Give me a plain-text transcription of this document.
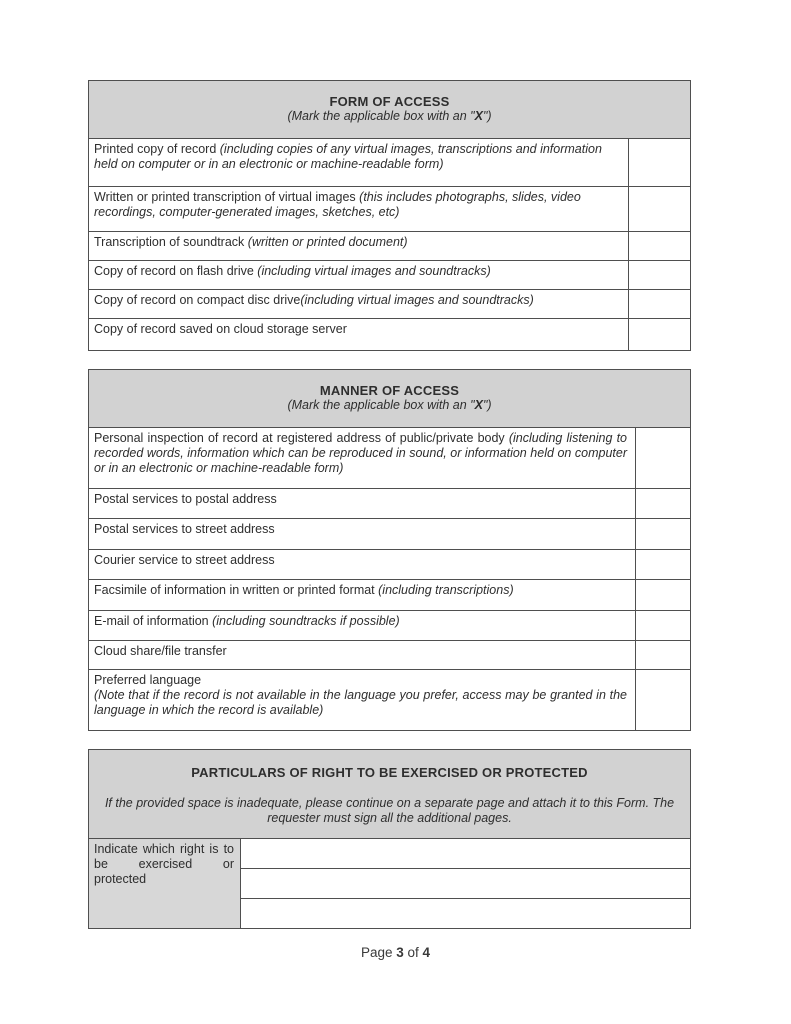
FORM OF ACCESS
(Mark the applicable box with an "X")	

Printed copy of record (including copies of any virtual images, transcriptions and information held on computer or in an electronic or machine-readable form)	
Written or printed transcription of virtual images (this includes photographs, slides, video recordings, computer-generated images, sketches, etc)	
Transcription of soundtrack (written or printed document)	
Copy of record on flash drive (including virtual images and soundtracks)	
Copy of record on compact disc drive(including virtual images and soundtracks)	
Copy of record saved on cloud storage server	
MANNER OF ACCESS
(Mark the applicable box with an "X")	

Personal inspection of record at registered address of public/private body (including listening to recorded words, information which can be reproduced in sound, or information held on computer or in an electronic or machine-readable form)	
Postal services to postal address	
Postal services to street address	
Courier service to street address	
Facsimile of information in written or printed format (including transcriptions)	
E-mail of information (including soundtracks if possible)	
Cloud share/file transfer	

Preferred language
(Note that if the record is not available in the language you prefer, access may be granted in the language in which the record is available)	

PARTICULARS OF RIGHT TO BE EXERCISED OR PROTECTED
If the provided space is inadequate, please continue on a separate page and attach it to this Form. The requester must sign all the additional pages.

Indicate which right is to be exercised or protected	

Page 3 of 4
